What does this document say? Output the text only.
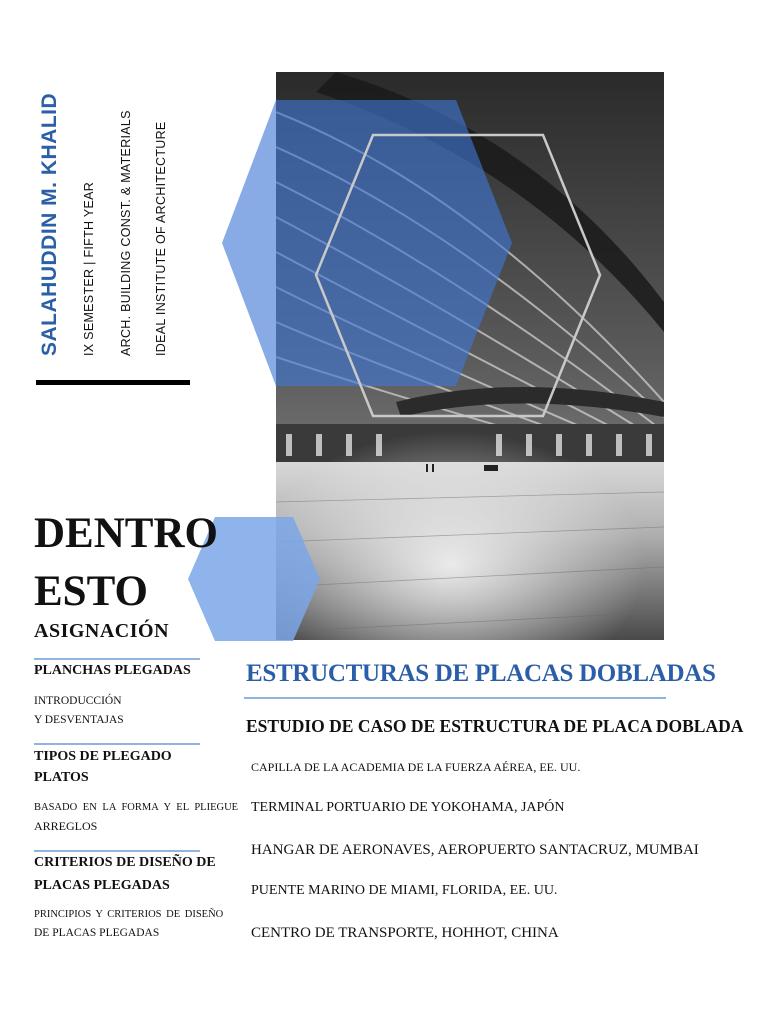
SALAHUDDIN M. KHALID IX SEMESTER | FIFTH YEAR ARCH. BUILDING CONST. & MATERIALS IDEAL INSTITUTE OF ARCHITECTURE
DENTRO
ESTO
ASIGNACIÓN
PLANCHAS PLEGADAS
INTRODUCCIÓN
Y DESVENTAJAS
TIPOS DE PLEGADO
PLATOS
BASADO EN LA FORMA Y EL PLIEGUE
ARREGLOS
CRITERIOS DE DISEÑO DE
PLACAS PLEGADAS
PRINCIPIOS Y CRITERIOS DE DISEÑO
DE PLACAS PLEGADAS
ESTRUCTURAS DE PLACAS DOBLADAS
ESTUDIO DE CASO DE ESTRUCTURA DE PLACA DOBLADA
CAPILLA DE LA ACADEMIA DE LA FUERZA AÉREA, EE. UU.
TERMINAL PORTUARIO DE YOKOHAMA, JAPÓN
HANGAR DE AERONAVES, AEROPUERTO SANTACRUZ, MUMBAI
PUENTE MARINO DE MIAMI, FLORIDA, EE. UU.
CENTRO DE TRANSPORTE, HOHHOT, CHINA
